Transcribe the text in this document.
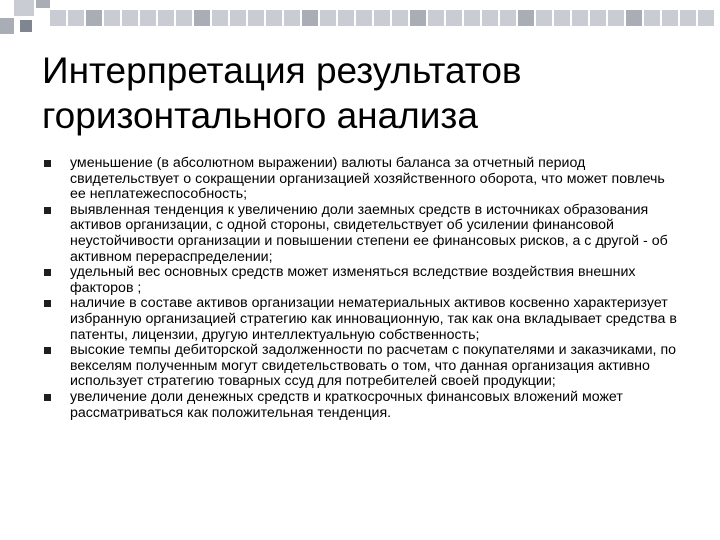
Интерпретация результатов
горизонтального анализа
уменьшение (в абсолютном выражении) валюты баланса за отчетный период свидетельствует о сокращении организацией хозяйственного оборота, что может повлечь ее неплатежеспособность;
выявленная тенденция к увеличению доли заемных средств в источниках образования активов организации, с одной стороны, свидетельствует об усилении финансовой неустойчивости организации и повышении степени ее финансовых рисков, а с другой - об активном перераспределении;
удельный вес основных средств может изменяться вследствие воздействия внешних факторов ;
наличие в составе активов организации нематериальных активов косвенно характеризует избранную организацией стратегию как инновационную, так как она вкладывает средства в патенты, лицензии, другую интеллектуальную собственность;
высокие темпы дебиторской задолженности по расчетам с покупателями и заказчиками, по векселям полученным могут свидетельствовать о том, что данная организация активно использует стратегию товарных ссуд для потребителей своей продукции;
увеличение доли денежных средств и краткосрочных финансовых вложений может рассматриваться как положительная тенденция.
